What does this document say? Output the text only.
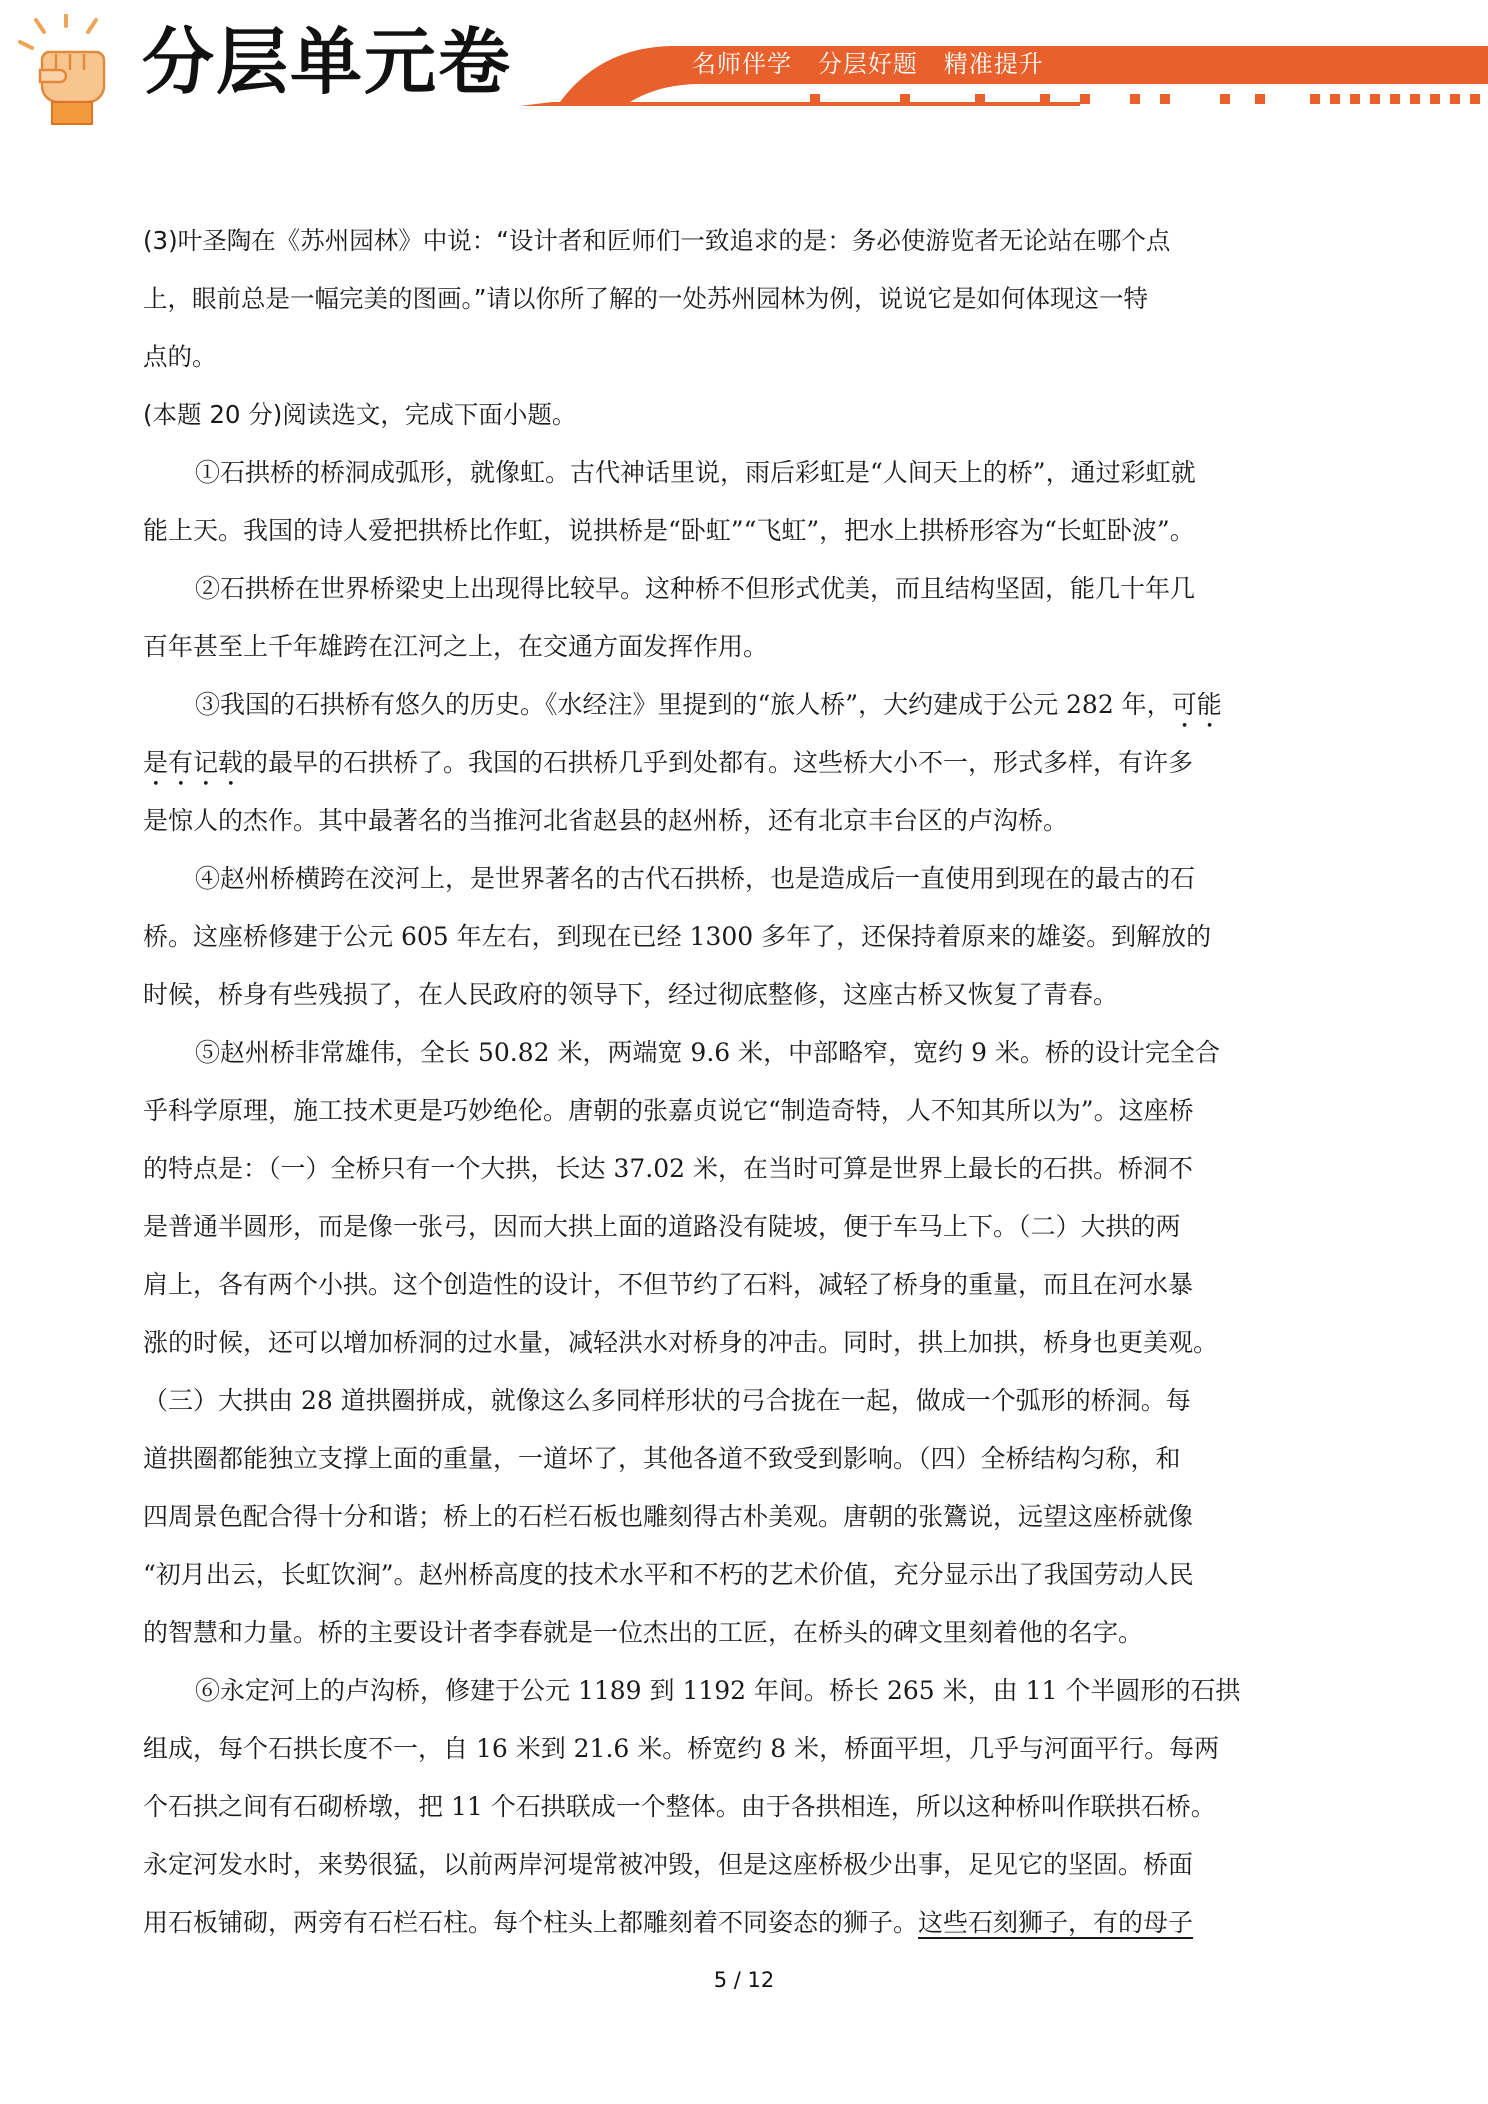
分层单元卷	名师伴学   分层好题   精准提升
(3)叶圣陶在《苏州园林》中说：“设计者和匠师们一致追求的是：务必使游览者无论站在哪个点
上，眼前总是一幅完美的图画。”请以你所了解的一处苏州园林为例，说说它是如何体现这一特
点的。
(本题 20 分)阅读选文，完成下面小题。
①石拱桥的桥洞成弧形，就像虹。古代神话里说，雨后彩虹是“人间天上的桥”，通过彩虹就
能上天。我国的诗人爱把拱桥比作虹，说拱桥是“卧虹”“飞虹”，把水上拱桥形容为“长虹卧波”。
②石拱桥在世界桥梁史上出现得比较早。这种桥不但形式优美，而且结构坚固，能几十年几
百年甚至上千年雄跨在江河之上，在交通方面发挥作用。
③我国的石拱桥有悠久的历史。《水经注》里提到的“旅人桥”，大约建成于公元 282 年，可能
是有记载的最早的石拱桥了。我国的石拱桥几乎到处都有。这些桥大小不一，形式多样，有许多
是惊人的杰作。其中最著名的当推河北省赵县的赵州桥，还有北京丰台区的卢沟桥。
④赵州桥横跨在洨河上，是世界著名的古代石拱桥，也是造成后一直使用到现在的最古的石
桥。这座桥修建于公元 605 年左右，到现在已经 1300 多年了，还保持着原来的雄姿。到解放的
时候，桥身有些残损了，在人民政府的领导下，经过彻底整修，这座古桥又恢复了青春。
⑤赵州桥非常雄伟，全长 50.82 米，两端宽 9.6 米，中部略窄，宽约 9 米。桥的设计完全合
乎科学原理，施工技术更是巧妙绝伦。唐朝的张嘉贞说它“制造奇特，人不知其所以为”。这座桥
的特点是：（一）全桥只有一个大拱，长达 37.02 米，在当时可算是世界上最长的石拱。桥洞不
是普通半圆形，而是像一张弓，因而大拱上面的道路没有陡坡，便于车马上下。（二）大拱的两
肩上，各有两个小拱。这个创造性的设计，不但节约了石料，减轻了桥身的重量，而且在河水暴
涨的时候，还可以增加桥洞的过水量，减轻洪水对桥身的冲击。同时，拱上加拱，桥身也更美观。
（三）大拱由 28 道拱圈拼成，就像这么多同样形状的弓合拢在一起，做成一个弧形的桥洞。每
道拱圈都能独立支撑上面的重量，一道坏了，其他各道不致受到影响。（四）全桥结构匀称，和
四周景色配合得十分和谐；桥上的石栏石板也雕刻得古朴美观。唐朝的张鷟说，远望这座桥就像
“初月出云，长虹饮涧”。赵州桥高度的技术水平和不朽的艺术价值，充分显示出了我国劳动人民
的智慧和力量。桥的主要设计者李春就是一位杰出的工匠，在桥头的碑文里刻着他的名字。
⑥永定河上的卢沟桥，修建于公元 1189 到 1192 年间。桥长 265 米，由 11 个半圆形的石拱
组成，每个石拱长度不一，自 16 米到 21.6 米。桥宽约 8 米，桥面平坦，几乎与河面平行。每两
个石拱之间有石砌桥墩，把 11 个石拱联成一个整体。由于各拱相连，所以这种桥叫作联拱石桥。
永定河发水时，来势很猛，以前两岸河堤常被冲毁，但是这座桥极少出事，足见它的坚固。桥面
用石板铺砌，两旁有石栏石柱。每个柱头上都雕刻着不同姿态的狮子。这些石刻狮子，有的母子
5 / 12
